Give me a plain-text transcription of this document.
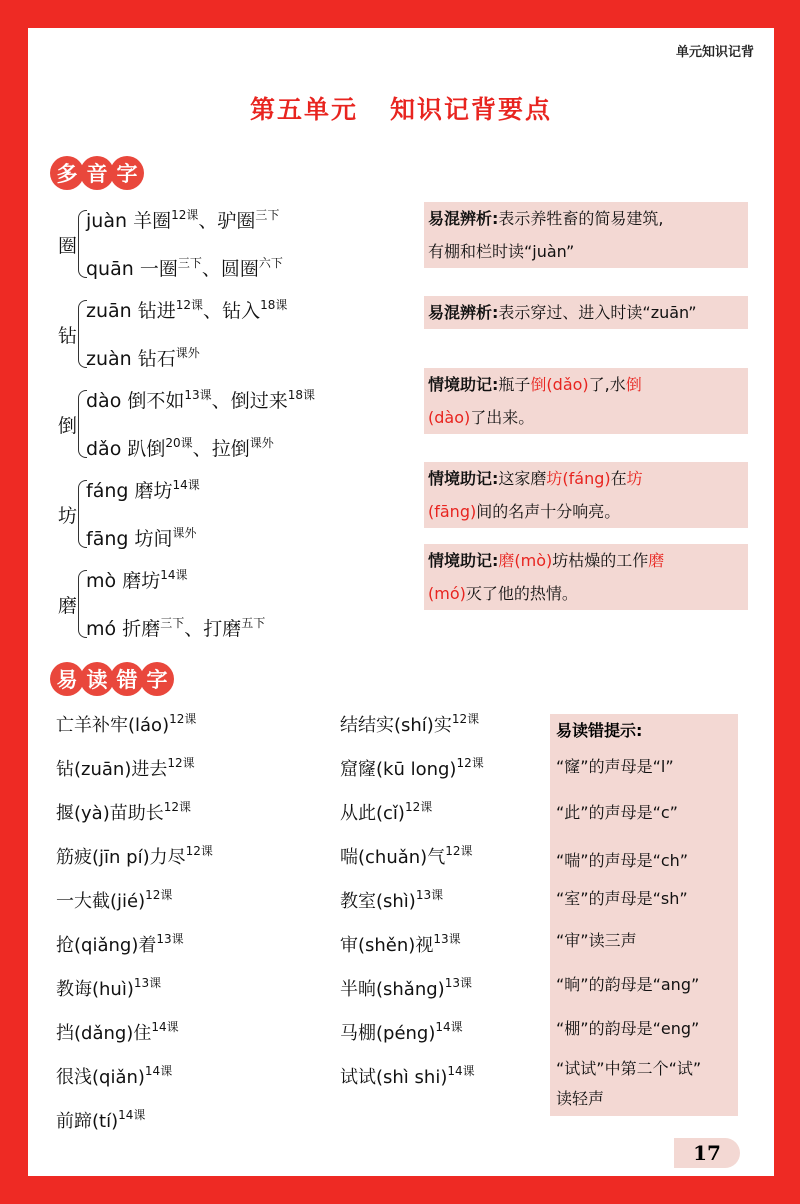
单元知识记背
第五单元 知识记背要点
多 音 字
圈
juàn 羊圈$^{12课}$、驴圈$^{三下}$
quān 一圈$^{三下}$、圆圈$^{六下}$
钻
zuān 钻进$^{12课}$、钻入$^{18课}$
zuàn 钻石$^{课外}$
倒
dào 倒不如$^{13课}$、倒过来$^{18课}$
dǎo 趴倒$^{20课}$、拉倒$^{课外}$
坊
fáng 磨坊$^{14课}$
fāng 坊间$^{课外}$
磨
mò 磨坊$^{14课}$
mó 折磨$^{三下}$、打磨$^{五下}$
易混辨析:表示养牲畜的简易建筑,
有棚和栏时读“juàn”
易混辨析:表示穿过、进入时读“zuān”
情境助记:瓶子倒(dǎo)了,水倒
(dào)了出来。
情境助记:这家磨坊(fáng)在坊
(fāng)间的名声十分响亮。
情境助记:磨(mò)坊枯燥的工作磨
(mó)灭了他的热情。
易 读 错 字
亡羊补牢(láo)$^{12课}$
钻(zuān)进去$^{12课}$
揠(yà)苗助长$^{12课}$
筋疲(jīn pí)力尽$^{12课}$
一大截(jié)$^{12课}$
抢(qiǎng)着$^{13课}$
教诲(huì)$^{13课}$
挡(dǎng)住$^{14课}$
很浅(qiǎn)$^{14课}$
前蹄(tí)$^{14课}$
结结实(shí)实$^{12课}$
窟窿(kū long)$^{12课}$
从此(cǐ)$^{12课}$
喘(chuǎn)气$^{12课}$
教室(shì)$^{13课}$
审(shěn)视$^{13课}$
半晌(shǎng)$^{13课}$
马棚(péng)$^{14课}$
试试(shì shi)$^{14课}$
易读错提示:
“窿”的声母是“l”
“此”的声母是“c”
“喘”的声母是“ch”
“室”的声母是“sh”
“审”读三声
“晌”的韵母是“ang”
“棚”的韵母是“eng”
“试试”中第二个“试”
读轻声
17
